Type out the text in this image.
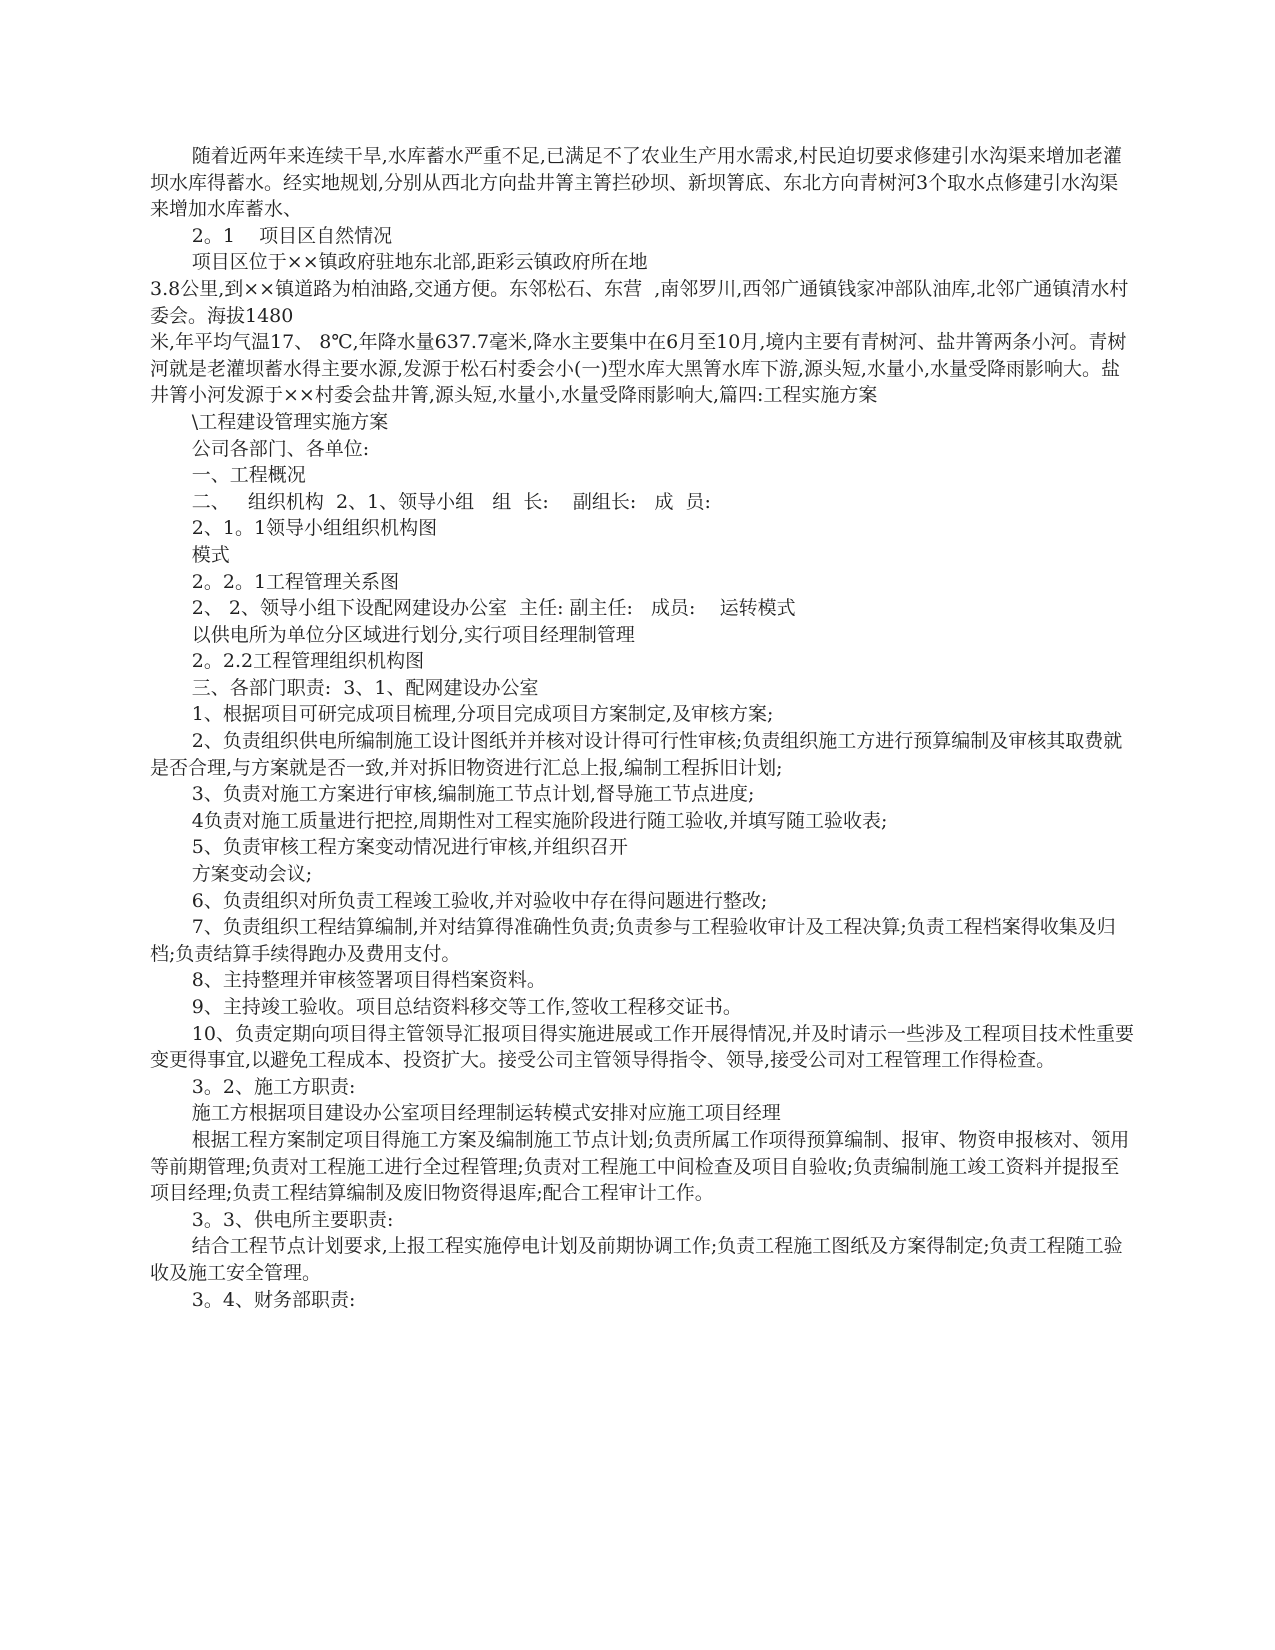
随着近两年来连续干旱,水库蓄水严重不足,已满足不了农业生产用水需求,村民迫切要求修建引水沟渠来增加老灌坝水库得蓄水。经实地规划,分别从西北方向盐井箐主箐拦砂坝、新坝箐底、东北方向青树河3个取水点修建引水沟渠来增加水库蓄水、

2。1    项目区自然情况

项目区位于××镇政府驻地东北部,距彩云镇政府所在地

3.8公里,到××镇道路为柏油路,交通方便。东邻松石、东营  ,南邻罗川,西邻广通镇钱家冲部队油库,北邻广通镇清水村委会。海拔1480

米,年平均气温17、 8℃,年降水量637.7毫米,降水主要集中在6月至10月,境内主要有青树河、盐井箐两条小河。青树河就是老灌坝蓄水得主要水源,发源于松石村委会小(一)型水库大黑箐水库下游,源头短,水量小,水量受降雨影响大。盐井箐小河发源于××村委会盐井箐,源头短,水量小,水量受降雨影响大,篇四:工程实施方案

\工程建设管理实施方案

公司各部门、各单位:

一、工程概况

二、   组织机构  2、1、领导小组   组  长:    副组长:   成  员:

2、1。1领导小组组织机构图

模式

2。2。1工程管理关系图

2、 2、领导小组下设配网建设办公室  主任: 副主任:   成员:    运转模式

以供电所为单位分区域进行划分,实行项目经理制管理

2。2.2工程管理组织机构图

三、各部门职责:  3、1、配网建设办公室

1、根据项目可研完成项目梳理,分项目完成项目方案制定,及审核方案;

2、负责组织供电所编制施工设计图纸并并核对设计得可行性审核;负责组织施工方进行预算编制及审核其取费就是否合理,与方案就是否一致,并对拆旧物资进行汇总上报,编制工程拆旧计划;

3、负责对施工方案进行审核,编制施工节点计划,督导施工节点进度;

4负责对施工质量进行把控,周期性对工程实施阶段进行随工验收,并填写随工验收表;

5、负责审核工程方案变动情况进行审核,并组织召开

方案变动会议;

6、负责组织对所负责工程竣工验收,并对验收中存在得问题进行整改;

7、负责组织工程结算编制,并对结算得准确性负责;负责参与工程验收审计及工程决算;负责工程档案得收集及归档;负责结算手续得跑办及费用支付。

8、主持整理并审核签署项目得档案资料。

9、主持竣工验收。项目总结资料移交等工作,签收工程移交证书。

10、负责定期向项目得主管领导汇报项目得实施进展或工作开展得情况,并及时请示一些涉及工程项目技术性重要变更得事宜,以避免工程成本、投资扩大。接受公司主管领导得指令、领导,接受公司对工程管理工作得检查。

3。2、施工方职责:

施工方根据项目建设办公室项目经理制运转模式安排对应施工项目经理

根据工程方案制定项目得施工方案及编制施工节点计划;负责所属工作项得预算编制、报审、物资申报核对、领用等前期管理;负责对工程施工进行全过程管理;负责对工程施工中间检查及项目自验收;负责编制施工竣工资料并提报至项目经理;负责工程结算编制及废旧物资得退库;配合工程审计工作。

3。3、供电所主要职责:

结合工程节点计划要求,上报工程实施停电计划及前期协调工作;负责工程施工图纸及方案得制定;负责工程随工验收及施工安全管理。

3。4、财务部职责:
